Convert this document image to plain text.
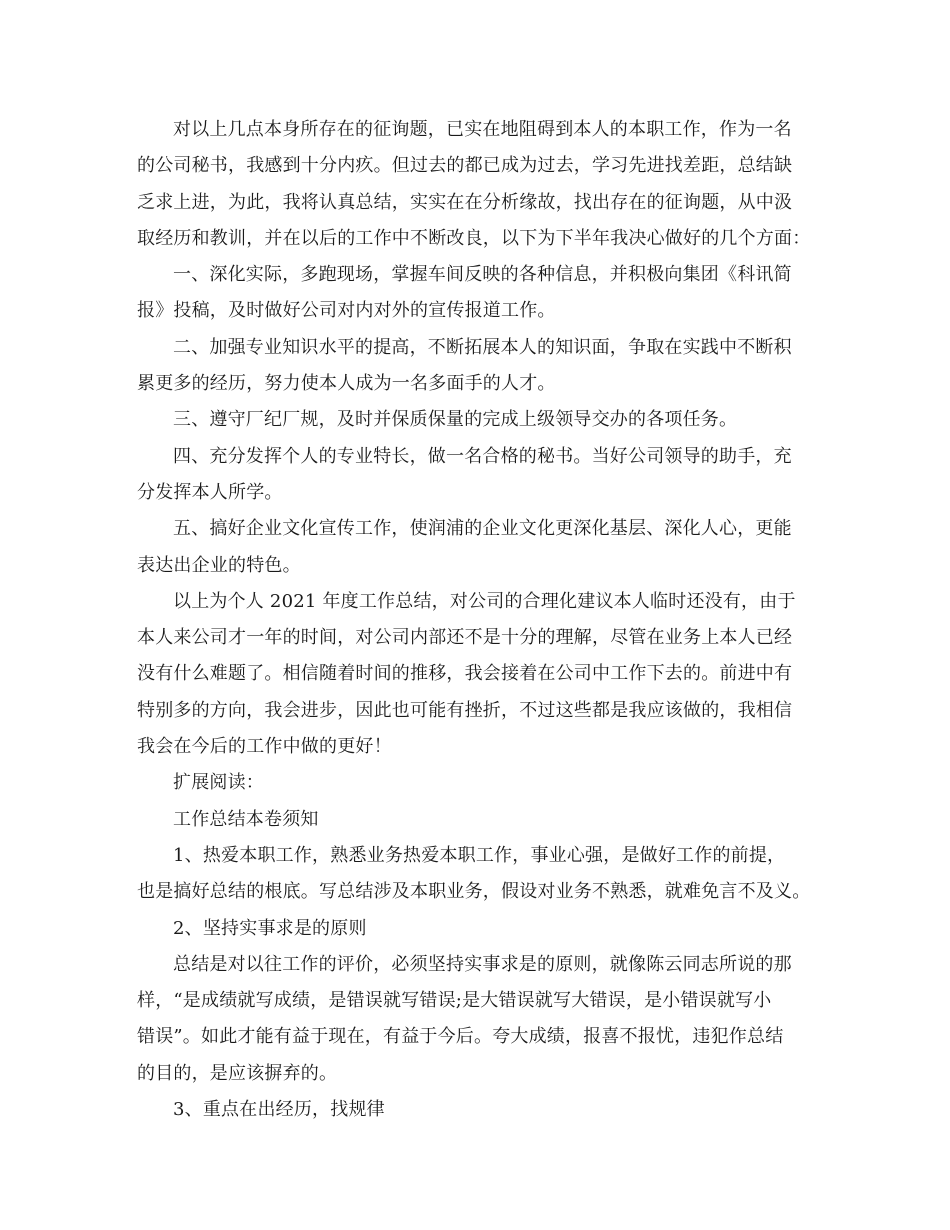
对以上几点本身所存在的征询题，已实在地阻碍到本人的本职工作，作为一名
的公司秘书，我感到十分内疚。但过去的都已成为过去，学习先进找差距，总结缺
乏求上进，为此，我将认真总结，实实在在分析缘故，找出存在的征询题，从中汲
取经历和教训，并在以后的工作中不断改良，以下为下半年我决心做好的几个方面：
一、深化实际，多跑现场，掌握车间反映的各种信息，并积极向集团《科讯简
报》投稿，及时做好公司对内对外的宣传报道工作。
二、加强专业知识水平的提高，不断拓展本人的知识面，争取在实践中不断积
累更多的经历，努力使本人成为一名多面手的人才。
三、遵守厂纪厂规，及时并保质保量的完成上级领导交办的各项任务。
四、充分发挥个人的专业特长，做一名合格的秘书。当好公司领导的助手，充
分发挥本人所学。
五、搞好企业文化宣传工作，使润浦的企业文化更深化基层、深化人心，更能
表达出企业的特色。
以上为个人 2021 年度工作总结，对公司的合理化建议本人临时还没有，由于
本人来公司才一年的时间，对公司内部还不是十分的理解，尽管在业务上本人已经
没有什么难题了。相信随着时间的推移，我会接着在公司中工作下去的。前进中有
特别多的方向，我会进步，因此也可能有挫折，不过这些都是我应该做的，我相信
我会在今后的工作中做的更好！
扩展阅读：
工作总结本卷须知
1、热爱本职工作，熟悉业务热爱本职工作，事业心强，是做好工作的前提，
也是搞好总结的根底。写总结涉及本职业务，假设对业务不熟悉，就难免言不及义。
2、坚持实事求是的原则
总结是对以往工作的评价，必须坚持实事求是的原则，就像陈云同志所说的那
样，“是成绩就写成绩，是错误就写错误;是大错误就写大错误，是小错误就写小
错误”。如此才能有益于现在，有益于今后。夸大成绩，报喜不报忧，违犯作总结
的目的，是应该摒弃的。
3、重点在出经历，找规律
